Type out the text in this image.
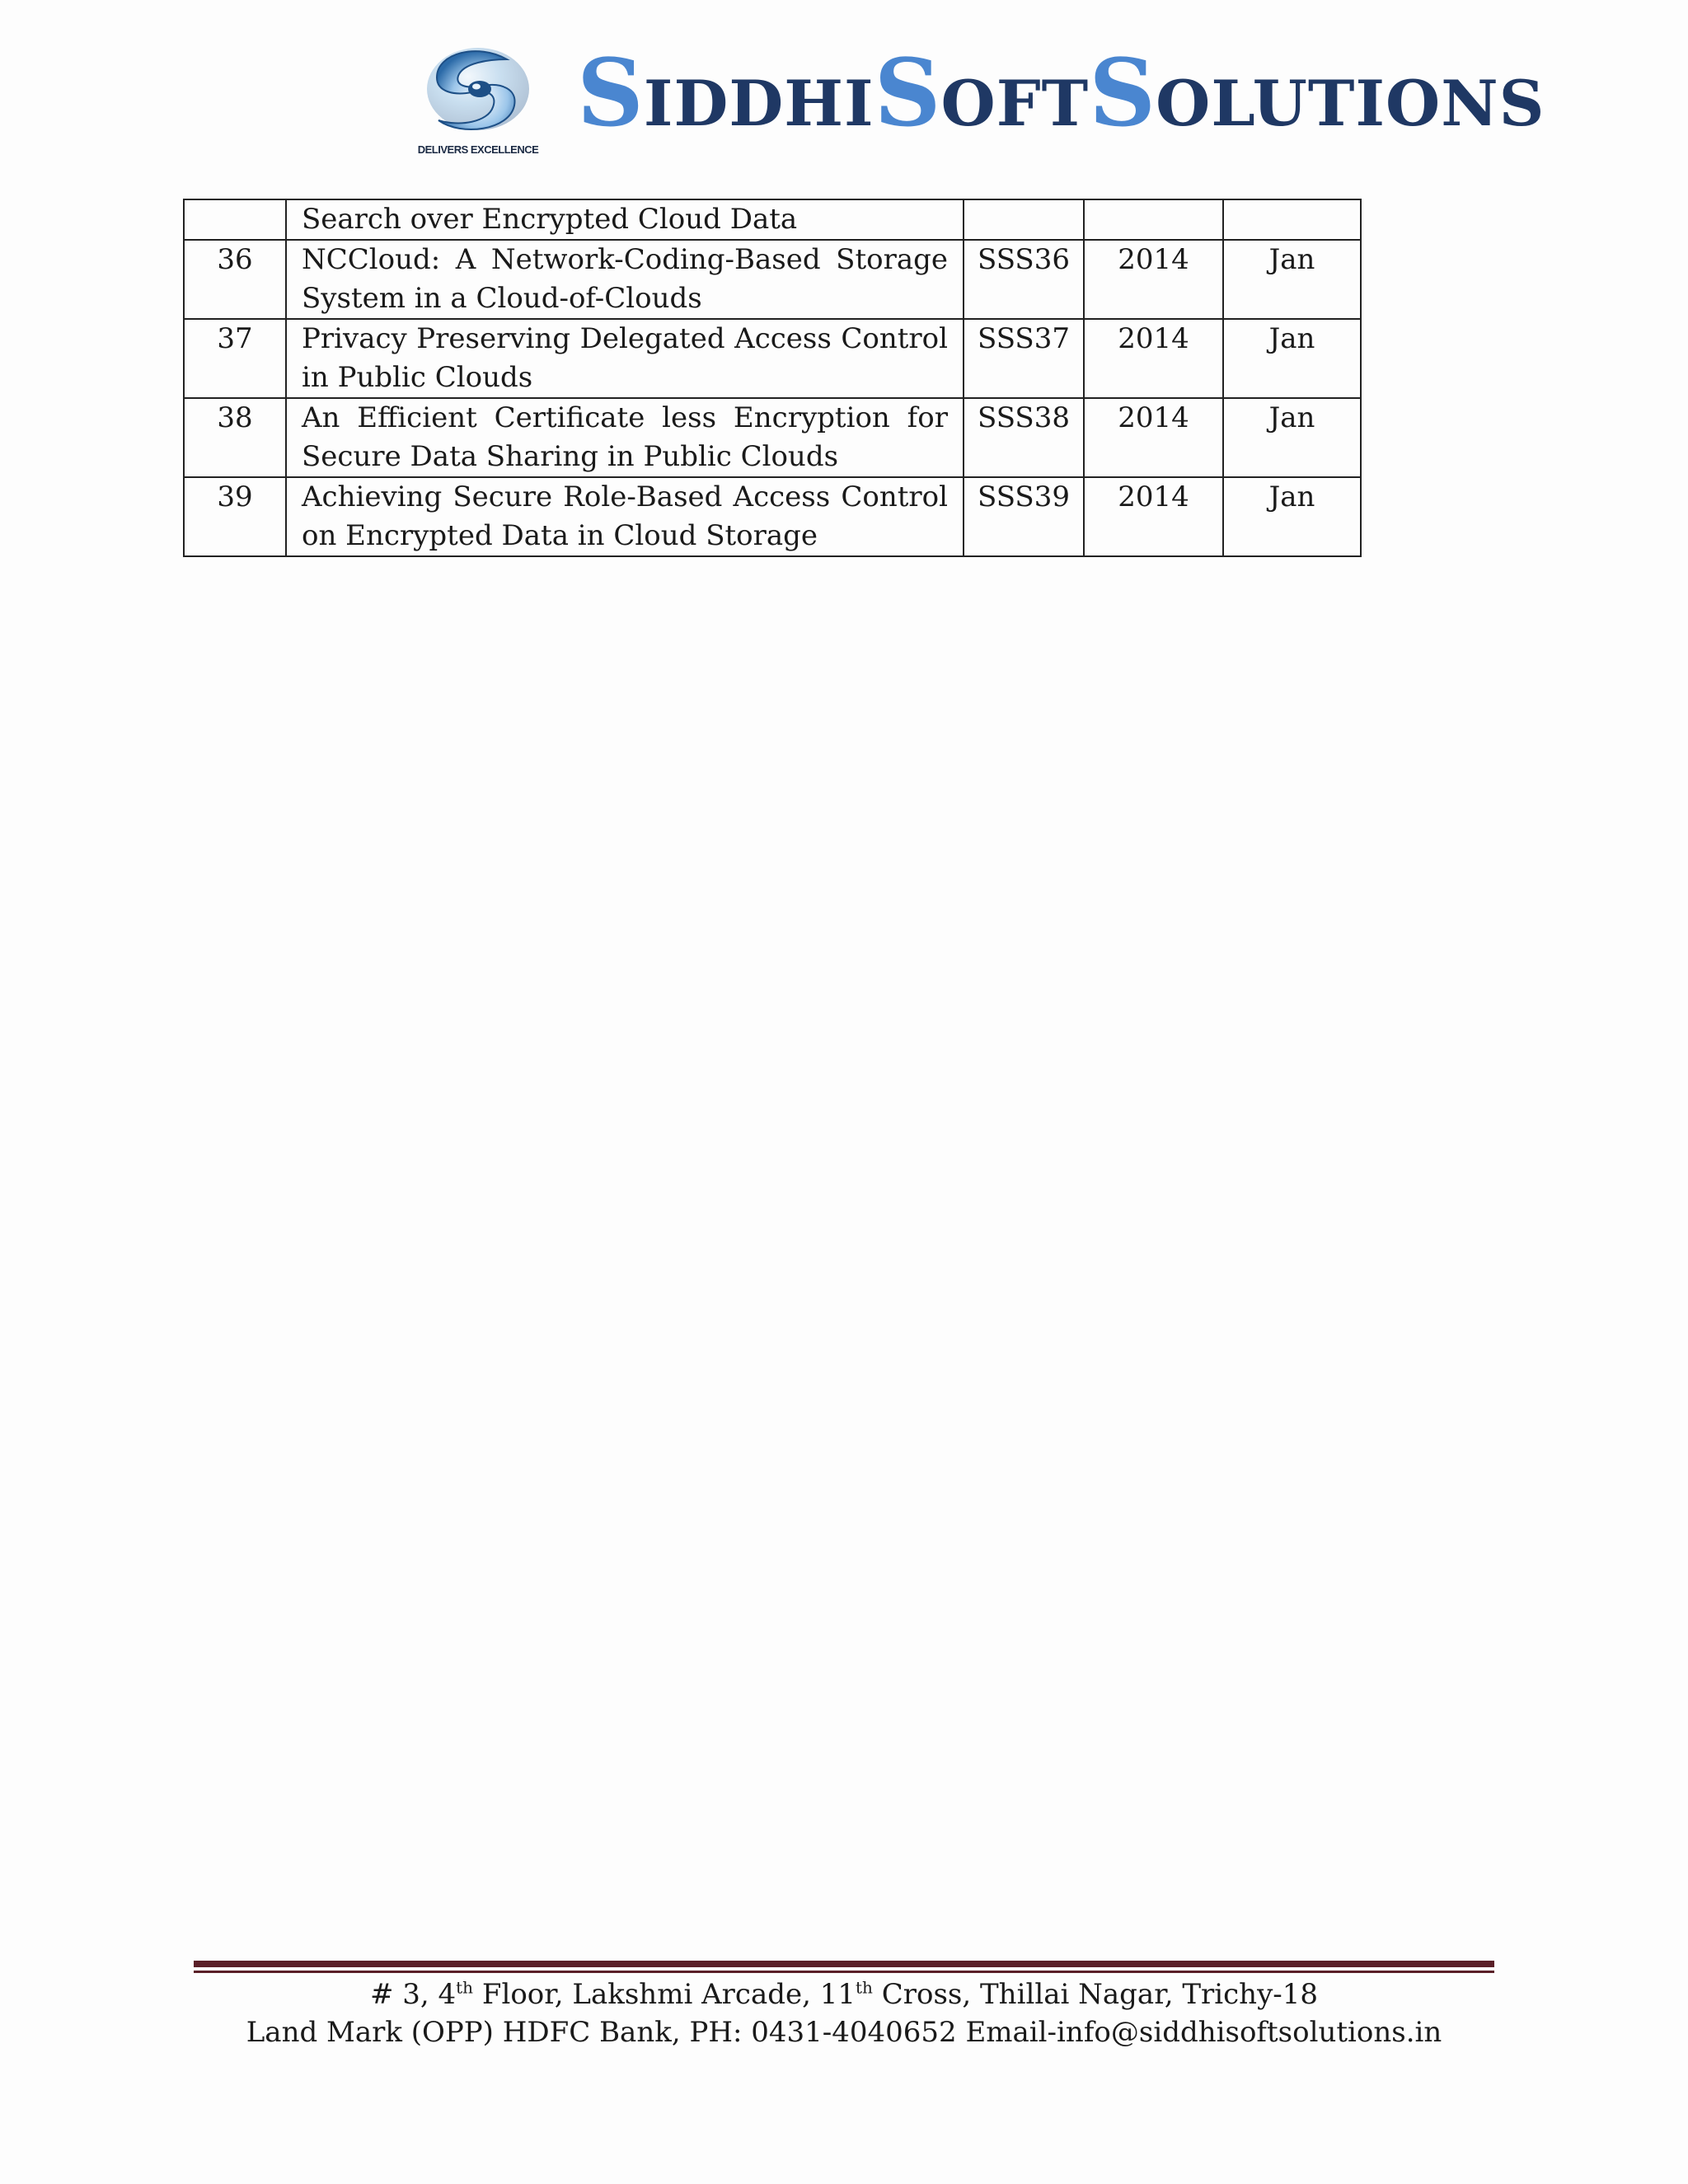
DELIVERS EXCELLENCE
SIDDHISOFTSOLUTIONS
	Search over Encrypted Cloud Data			
36	NCCloud: A Network-Coding-Based Storage System in a Cloud-of-Clouds	SSS36	2014	Jan
37	Privacy Preserving Delegated Access Control in Public Clouds	SSS37	2014	Jan
38	An Efficient Certificate less Encryption for Secure Data Sharing in Public Clouds	SSS38	2014	Jan
39	Achieving Secure Role-Based Access Control on Encrypted Data in Cloud Storage	SSS39	2014	Jan
# 3, 4th Floor, Lakshmi Arcade, 11th Cross, Thillai Nagar, Trichy-18
Land Mark (OPP) HDFC Bank, PH: 0431-4040652 Email-info@siddhisoftsolutions.in
